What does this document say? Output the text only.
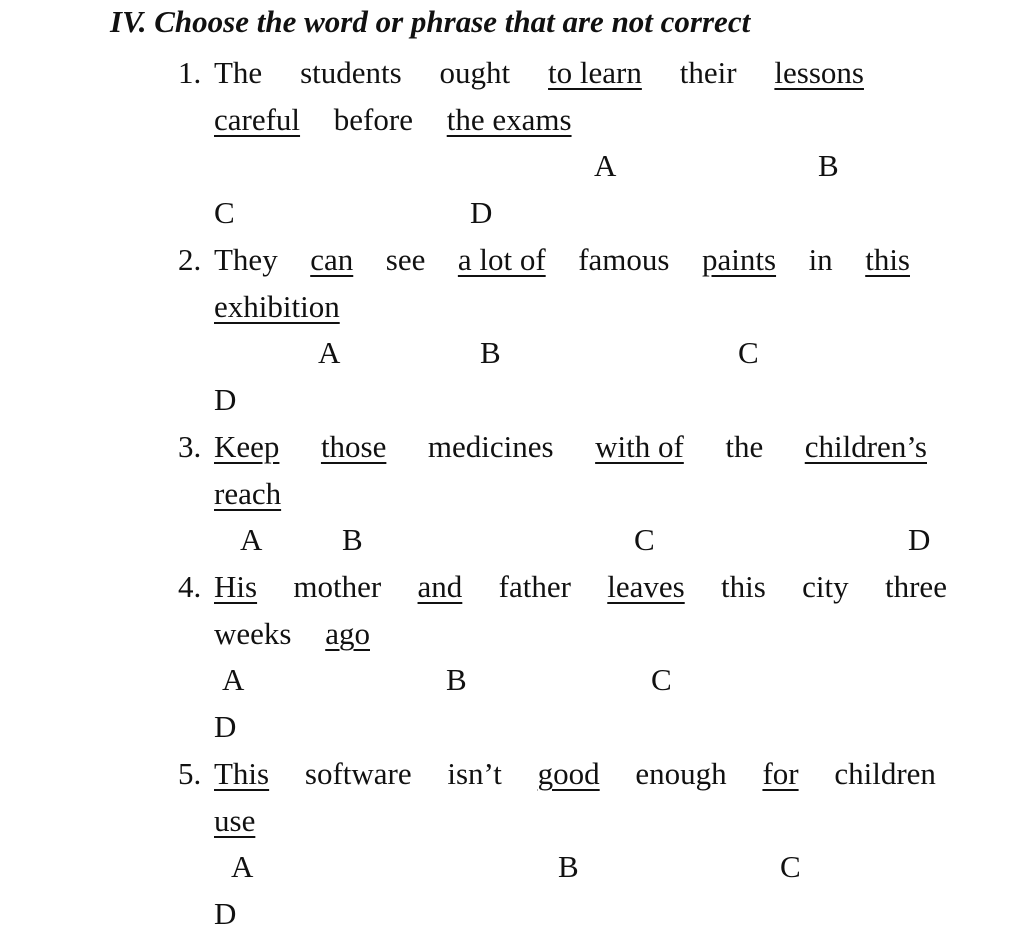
IV. Choose the word or phrase that are not correct
1. The students ought to learn their lessons
careful before the exams
A	B
C	D
2. They can see a lot of famous paints in this
exhibition
A	B	C
D
3. Keep those medicines with of the children’s
reach
A	B	C	D
4. His mother and father leaves this city three
weeks ago
A	B	C
D
5. This software isn’t good enough for children
use
A	B	C
D
